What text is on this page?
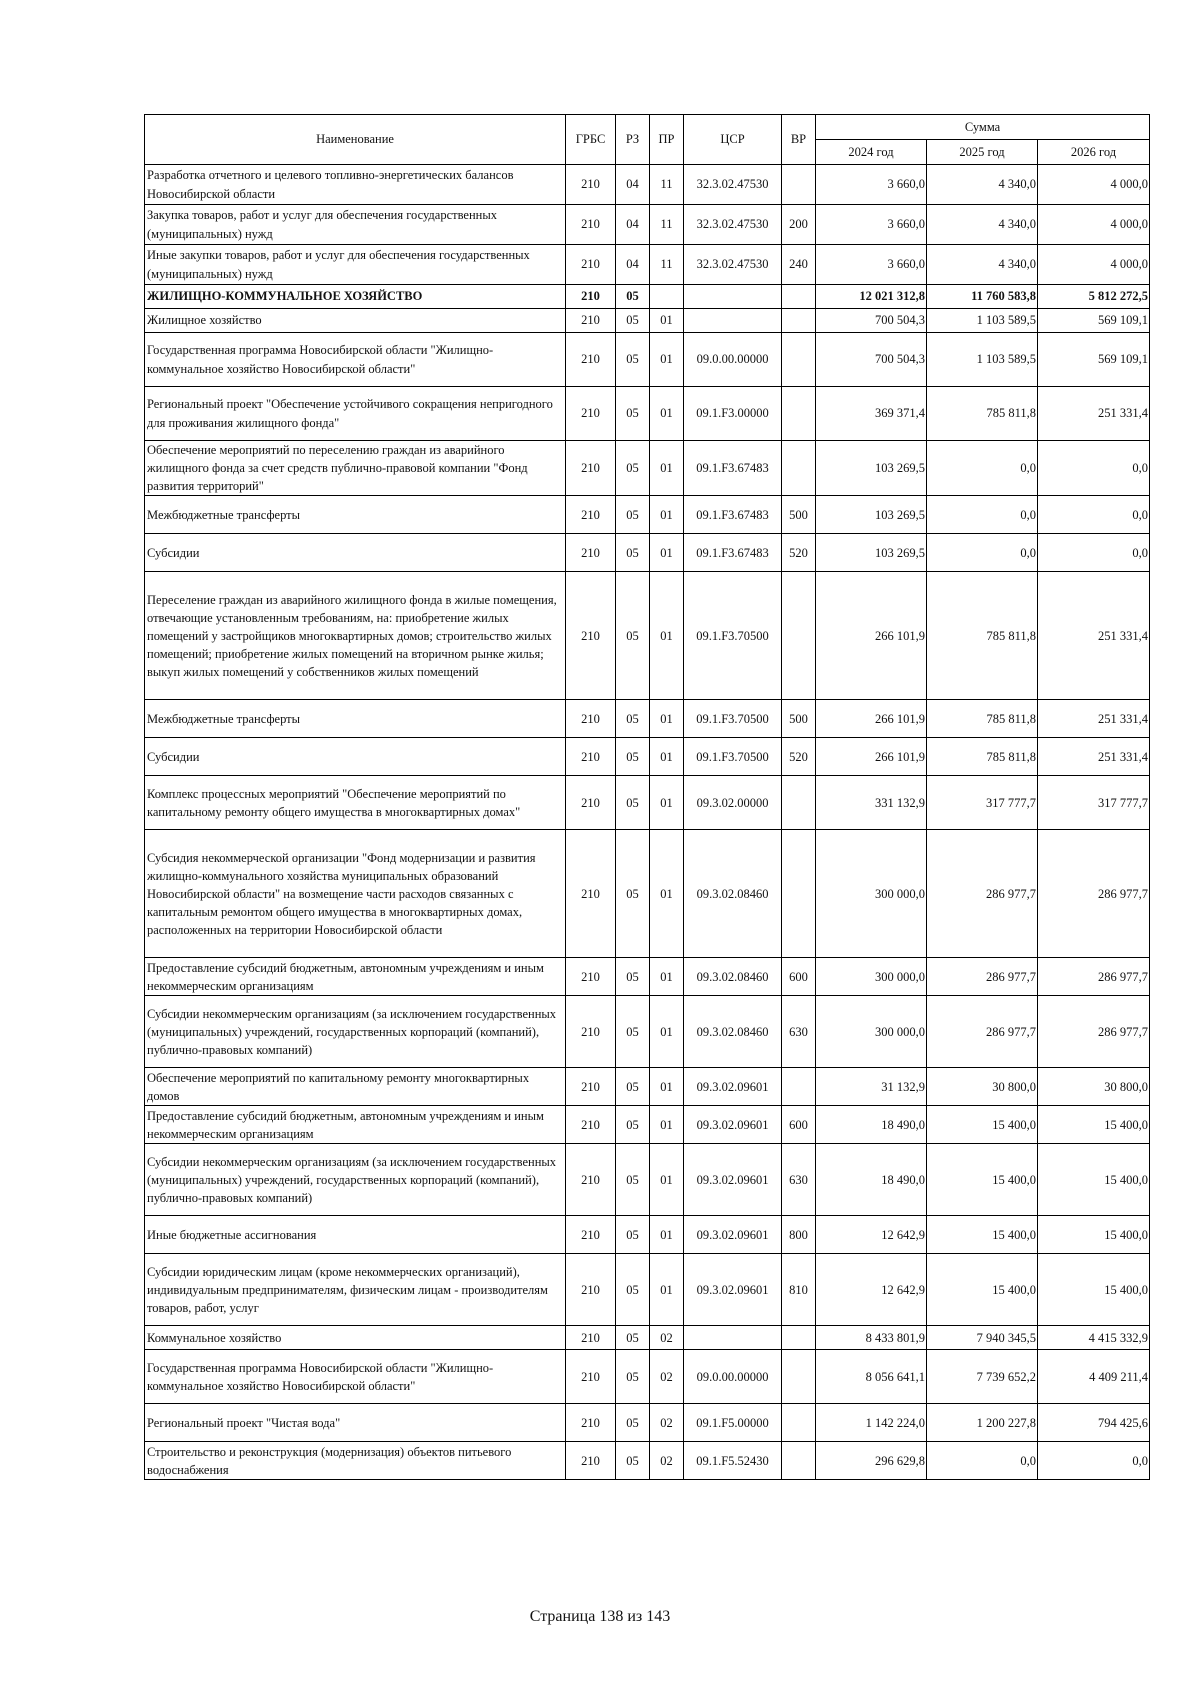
Наименование	ГРБС	РЗ	ПР	ЦСР	ВР	Сумма		
						2024 год	2025 год	2026 год
Разработка отчетного и целевого топливно-энергетических балансов Новосибирской области	210	04	11	32.3.02.47530		3 660,0	4 340,0	4 000,0
Закупка товаров, работ и услуг для обеспечения государственных (муниципальных) нужд	210	04	11	32.3.02.47530	200	3 660,0	4 340,0	4 000,0
Иные закупки товаров, работ и услуг для обеспечения государственных (муниципальных) нужд	210	04	11	32.3.02.47530	240	3 660,0	4 340,0	4 000,0
ЖИЛИЩНО-КОММУНАЛЬНОЕ ХОЗЯЙСТВО	210	05				12 021 312,8	11 760 583,8	5 812 272,5
Жилищное хозяйство	210	05	01			700 504,3	1 103 589,5	569 109,1
Государственная программа Новосибирской области "Жилищно-коммунальное хозяйство Новосибирской области"	210	05	01	09.0.00.00000		700 504,3	1 103 589,5	569 109,1
Региональный проект "Обеспечение устойчивого сокращения непригодного для проживания жилищного фонда"	210	05	01	09.1.F3.00000		369 371,4	785 811,8	251 331,4
Обеспечение мероприятий по переселению граждан из аварийного жилищного фонда за счет средств публично-правовой компании "Фонд развития территорий"	210	05	01	09.1.F3.67483		103 269,5	0,0	0,0
Межбюджетные трансферты	210	05	01	09.1.F3.67483	500	103 269,5	0,0	0,0
Субсидии	210	05	01	09.1.F3.67483	520	103 269,5	0,0	0,0
Переселение граждан из аварийного жилищного фонда в жилые помещения, отвечающие установленным требованиям, на: приобретение жилых помещений у застройщиков многоквартирных домов; строительство жилых помещений; приобретение жилых помещений на вторичном рынке жилья; выкуп жилых помещений у собственников жилых помещений	210	05	01	09.1.F3.70500		266 101,9	785 811,8	251 331,4
Межбюджетные трансферты	210	05	01	09.1.F3.70500	500	266 101,9	785 811,8	251 331,4
Субсидии	210	05	01	09.1.F3.70500	520	266 101,9	785 811,8	251 331,4
Комплекс процессных мероприятий "Обеспечение мероприятий по капитальному ремонту общего имущества в многоквартирных домах"	210	05	01	09.3.02.00000		331 132,9	317 777,7	317 777,7
Субсидия некоммерческой организации "Фонд модернизации и развития жилищно-коммунального хозяйства муниципальных образований Новосибирской области" на возмещение части расходов связанных с капитальным ремонтом общего имущества в многоквартирных домах, расположенных на территории Новосибирской области	210	05	01	09.3.02.08460		300 000,0	286 977,7	286 977,7
Предоставление субсидий бюджетным, автономным учреждениям и иным некоммерческим организациям	210	05	01	09.3.02.08460	600	300 000,0	286 977,7	286 977,7
Субсидии некоммерческим организациям (за исключением государственных (муниципальных) учреждений, государственных корпораций (компаний), публично-правовых компаний)	210	05	01	09.3.02.08460	630	300 000,0	286 977,7	286 977,7
Обеспечение мероприятий по капитальному ремонту многоквартирных домов	210	05	01	09.3.02.09601		31 132,9	30 800,0	30 800,0
Предоставление субсидий бюджетным, автономным учреждениям и иным некоммерческим организациям	210	05	01	09.3.02.09601	600	18 490,0	15 400,0	15 400,0
Субсидии некоммерческим организациям (за исключением государственных (муниципальных) учреждений, государственных корпораций (компаний), публично-правовых компаний)	210	05	01	09.3.02.09601	630	18 490,0	15 400,0	15 400,0
Иные бюджетные ассигнования	210	05	01	09.3.02.09601	800	12 642,9	15 400,0	15 400,0
Субсидии юридическим лицам (кроме некоммерческих организаций), индивидуальным предпринимателям, физическим лицам - производителям товаров, работ, услуг	210	05	01	09.3.02.09601	810	12 642,9	15 400,0	15 400,0
Коммунальное хозяйство	210	05	02			8 433 801,9	7 940 345,5	4 415 332,9
Государственная программа Новосибирской области "Жилищно-коммунальное хозяйство Новосибирской области"	210	05	02	09.0.00.00000		8 056 641,1	7 739 652,2	4 409 211,4
Региональный проект "Чистая вода"	210	05	02	09.1.F5.00000		1 142 224,0	1 200 227,8	794 425,6
Строительство и реконструкция (модернизация) объектов питьевого водоснабжения	210	05	02	09.1.F5.52430		296 629,8	0,0	0,0
Страница 138 из 143
